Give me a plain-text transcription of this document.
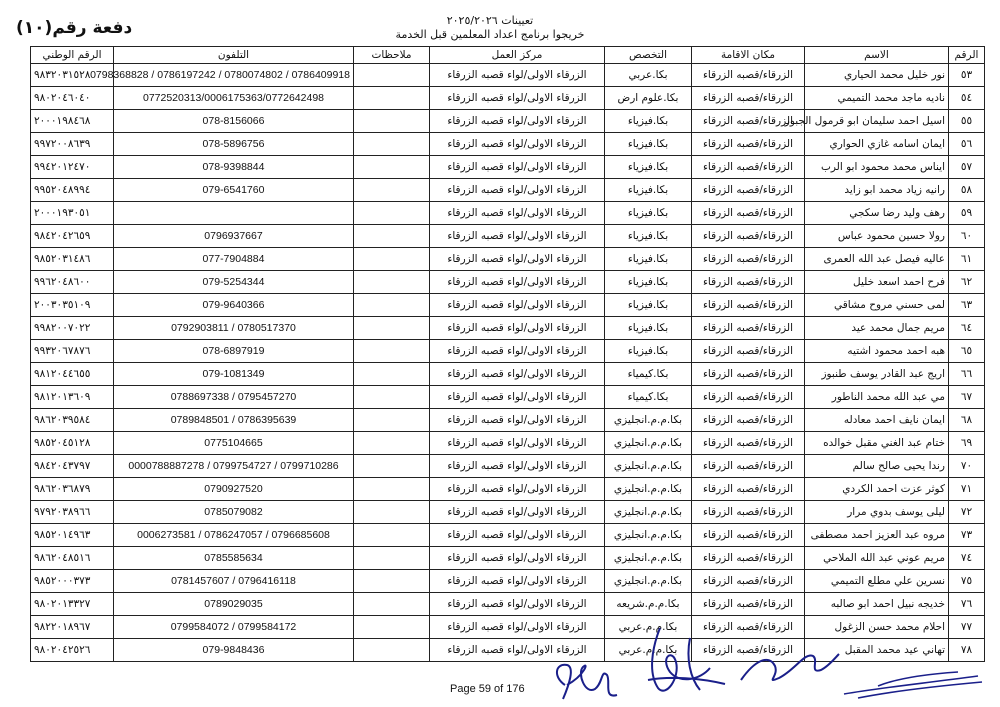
دفعة رقم(١٠)	تعيينات ٢٠٢٥/٢٠٢٦
خريجوا برنامج اعداد المعلمين قبل الخدمة
الرقم	الاسم	مكان الاقامة	التخصص	مركز العمل	ملاحظات	التلفون	الرقم الوطني
٥٣	نور خليل محمد الحياري	الزرقاء/قصبه الزرقاء	بكا.عربي	الزرقاء الاولى/لواء قصبه الزرقاء		0786409918 / 0780074802 / 0786197242 / 0798368828	٩٨٣٢٠٣١٥٢٨
٥٤	ناديه ماجد محمد التميمي	الزرقاء/قصبه الزرقاء	بكا.علوم ارض	الزرقاء الاولى/لواء قصبه الزرقاء		0772520313/0006175363/0772642498	٩٨٠٢٠٤٦٠٤٠
٥٥	اسيل احمد سليمان ابو قرمول الجبور	الزرقاء/قصبه الزرقاء	بكا.فيزياء	الزرقاء الاولى/لواء قصبه الزرقاء		078-8156066	٢٠٠٠١٩٨٤٦٨
٥٦	ايمان اسامه غازي الحواري	الزرقاء/قصبه الزرقاء	بكا.فيزياء	الزرقاء الاولى/لواء قصبه الزرقاء		078-5896756	٩٩٧٢٠٠٨٦٣٩
٥٧	ايناس محمد محمود ابو الرب	الزرقاء/قصبه الزرقاء	بكا.فيزياء	الزرقاء الاولى/لواء قصبه الزرقاء		078-9398844	٩٩٤٢٠١٢٤٧٠
٥٨	رانيه زياد محمد ابو زايد	الزرقاء/قصبه الزرقاء	بكا.فيزياء	الزرقاء الاولى/لواء قصبه الزرقاء		079-6541760	٩٩٥٢٠٤٨٩٩٤
٥٩	رهف وليد رضا سكجي	الزرقاء/قصبه الزرقاء	بكا.فيزياء	الزرقاء الاولى/لواء قصبه الزرقاء			٢٠٠٠١٩٣٠٥١
٦٠	رولا حسين محمود عباس	الزرقاء/قصبه الزرقاء	بكا.فيزياء	الزرقاء الاولى/لواء قصبه الزرقاء		0796937667	٩٨٤٢٠٤٢٦٥٩
٦١	عاليه فيصل عبد الله العمرى	الزرقاء/قصبه الزرقاء	بكا.فيزياء	الزرقاء الاولى/لواء قصبه الزرقاء		077-7904884	٩٨٥٢٠٣١٤٨٦
٦٢	فرح احمد اسعد خليل	الزرقاء/قصبه الزرقاء	بكا.فيزياء	الزرقاء الاولى/لواء قصبه الزرقاء		079-5254344	٩٩٦٢٠٤٨٦٠٠
٦٣	لمى حسني مروح مشاقي	الزرقاء/قصبه الزرقاء	بكا.فيزياء	الزرقاء الاولى/لواء قصبه الزرقاء		079-9640366	٢٠٠٣٠٣٥١٠٩
٦٤	مريم جمال محمد عيد	الزرقاء/قصبه الزرقاء	بكا.فيزياء	الزرقاء الاولى/لواء قصبه الزرقاء		0780517370 / 0792903811	٩٩٨٢٠٠٧٠٢٢
٦٥	هبه احمد محمود اشتيه	الزرقاء/قصبه الزرقاء	بكا.فيزياء	الزرقاء الاولى/لواء قصبه الزرقاء		078-6897919	٩٩٣٢٠٦٧٨٧٦
٦٦	اريج عبد القادر يوسف طنبوز	الزرقاء/قصبه الزرقاء	بكا.كيمياء	الزرقاء الاولى/لواء قصبه الزرقاء		079-1081349	٩٨١٢٠٤٤٦٥٥
٦٧	مي عبد الله محمد الناطور	الزرقاء/قصبه الزرقاء	بكا.كيمياء	الزرقاء الاولى/لواء قصبه الزرقاء		0795457270 / 0788697338	٩٨١٢٠١٣٦٠٩
٦٨	ايمان نايف احمد معادله	الزرقاء/قصبه الزرقاء	بكا.م.م.انجليزي	الزرقاء الاولى/لواء قصبه الزرقاء		0786395639 / 0789848501	٩٨٦٢٠٣٩٥٨٤
٦٩	ختام عبد الغني مقبل خوالده	الزرقاء/قصبه الزرقاء	بكا.م.م.انجليزي	الزرقاء الاولى/لواء قصبه الزرقاء		0775104665	٩٨٥٢٠٤٥١٢٨
٧٠	رندا يحيى صالح سالم	الزرقاء/قصبه الزرقاء	بكا.م.م.انجليزي	الزرقاء الاولى/لواء قصبه الزرقاء		0799710286 / 0799754727 / 0000788887278	٩٨٤٢٠٤٣٧٩٧
٧١	كوثر عزت احمد الكردي	الزرقاء/قصبه الزرقاء	بكا.م.م.انجليزي	الزرقاء الاولى/لواء قصبه الزرقاء		0790927520	٩٨٦٢٠٣٦٨٧٩
٧٢	ليلى يوسف بدوي مرار	الزرقاء/قصبه الزرقاء	بكا.م.م.انجليزي	الزرقاء الاولى/لواء قصبه الزرقاء		0785079082	٩٧٩٢٠٣٨٩٦٦
٧٣	مروه عبد العزيز احمد مصطفى	الزرقاء/قصبه الزرقاء	بكا.م.م.انجليزي	الزرقاء الاولى/لواء قصبه الزرقاء		0796685608 / 0786247057 / 0006273581	٩٨٥٢٠١٤٩٦٣
٧٤	مريم عوني عبد الله الملاحي	الزرقاء/قصبه الزرقاء	بكا.م.م.انجليزي	الزرقاء الاولى/لواء قصبه الزرقاء		0785585634	٩٨٦٢٠٤٨٥١٦
٧٥	نسرين علي مطلع التميمي	الزرقاء/قصبه الزرقاء	بكا.م.م.انجليزي	الزرقاء الاولى/لواء قصبه الزرقاء		0796416118 / 0781457607	٩٨٥٢٠٠٠٣٧٣
٧٦	خديجه نبيل احمد ابو صالبه	الزرقاء/قصبه الزرقاء	بكا.م.م.شريعه	الزرقاء الاولى/لواء قصبه الزرقاء		0789029035	٩٨٠٢٠١٣٣٢٧
٧٧	احلام محمد حسن الزغول	الزرقاء/قصبه الزرقاء	بكا.م.م.عربي	الزرقاء الاولى/لواء قصبه الزرقاء		0799584172 / 0799584072	٩٨٢٢٠١٨٩٦٧
٧٨	تهاني عيد محمد المقبل	الزرقاء/قصبه الزرقاء	بكا.م.م.عربي	الزرقاء الاولى/لواء قصبه الزرقاء		079-9848436	٩٨٠٢٠٤٢٥٢٦
Page 59 of 176
